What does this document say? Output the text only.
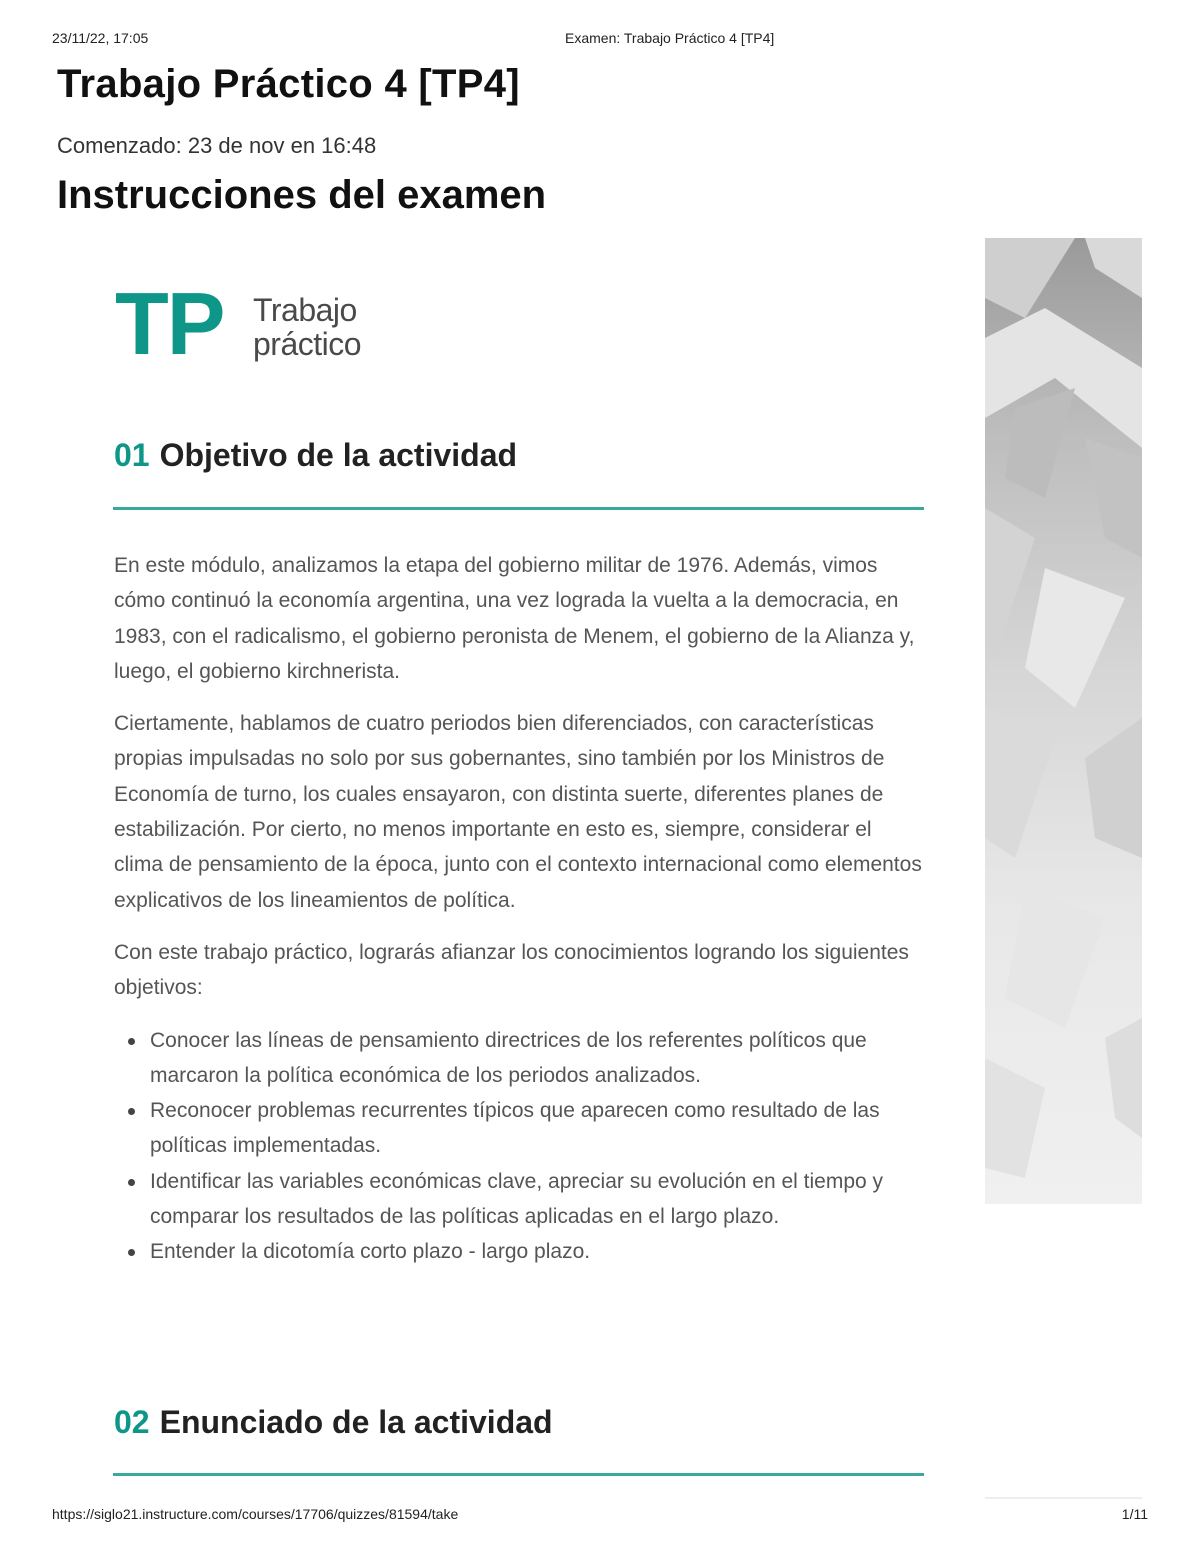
23/11/22, 17:05	Examen: Trabajo Práctico 4 [TP4]
Trabajo Práctico 4 [TP4]
Comenzado: 23 de nov en 16:48
Instrucciones del examen
TP Trabajo
práctico
01 Objetivo de la actividad

En este módulo, analizamos la etapa del gobierno militar de 1976. Además, vimos cómo continuó la economía argentina, una vez lograda la vuelta a la democracia, en 1983, con el radicalismo, el gobierno peronista de Menem, el gobierno de la Alianza y, luego, el gobierno kirchnerista.

Ciertamente, hablamos de cuatro periodos bien diferenciados, con características propias impulsadas no solo por sus gobernantes, sino también por los Ministros de Economía de turno, los cuales ensayaron, con distinta suerte, diferentes planes de estabilización. Por cierto, no menos importante en esto es, siempre, considerar el clima de pensamiento de la época, junto con el contexto internacional como elementos explicativos de los lineamientos de política.

Con este trabajo práctico, lograrás afianzar los conocimientos logrando los siguientes objetivos:

Conocer las líneas de pensamiento directrices de los referentes políticos que marcaron la política económica de los periodos analizados.
Reconocer problemas recurrentes típicos que aparecen como resultado de las políticas implementadas.
Identificar las variables económicas clave, apreciar su evolución en el tiempo y comparar los resultados de las políticas aplicadas en el largo plazo.
Entender la dicotomía corto plazo - largo plazo.
02 Enunciado de la actividad
https://siglo21.instructure.com/courses/17706/quizzes/81594/take	1/11
